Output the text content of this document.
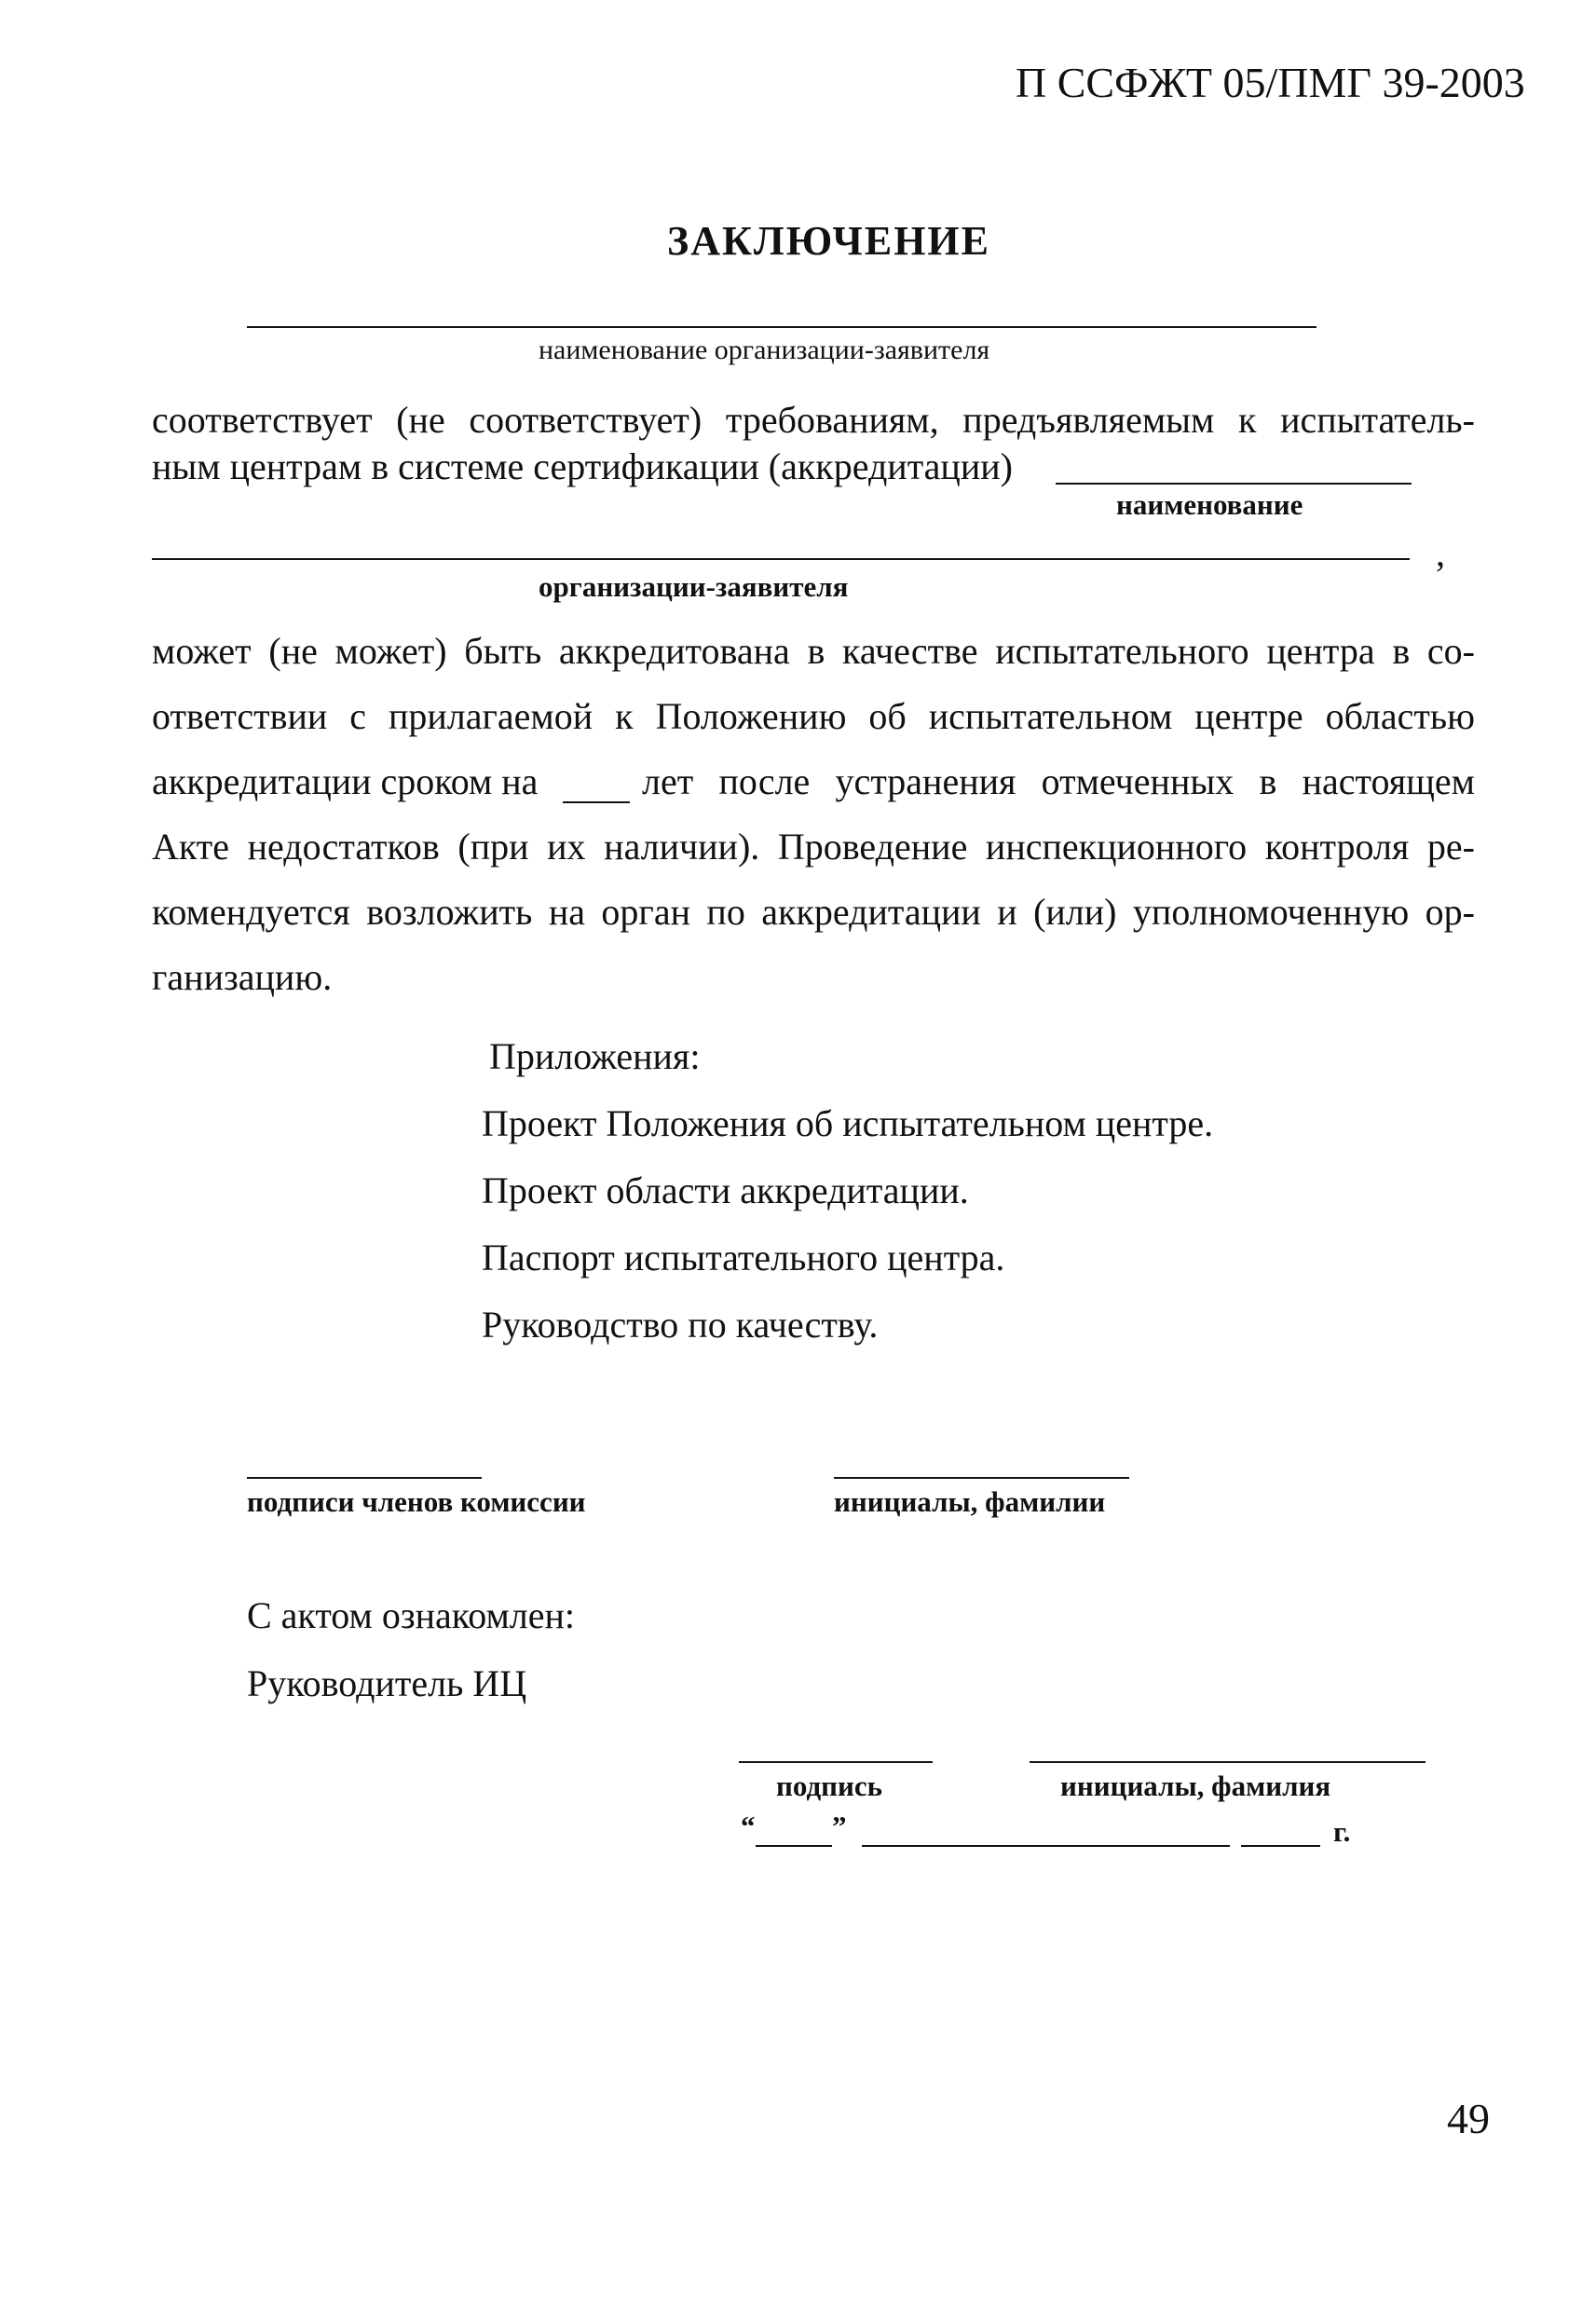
П ССФЖТ 05/ПМГ 39-2003
ЗАКЛЮЧЕНИЕ
наименование организации-заявителя
соответствует (не соответствует) требованиям, предъявляемым к испытатель-
ным центрам в системе сертификации (аккредитации)
наименование
,
организации-заявителя
может (не может) быть аккредитована в качестве испытательного центра в со-
ответствии с прилагаемой к Положению об испытательном центре областью
аккредитации сроком на	лет после устранения отмеченных в настоящем
Акте недостатков (при их наличии). Проведение инспекционного контроля ре-
комендуется возложить на орган по аккредитации и (или) уполномоченную ор-
ганизацию.
Приложения:
Проект Положения об испытательном центре.
Проект области аккредитации.
Паспорт испытательного центра.
Руководство по качеству.
подписи членов комиссии	инициалы, фамилии
С актом ознакомлен:
Руководитель ИЦ
подпись	инициалы, фамилия
“	”	г.
49
